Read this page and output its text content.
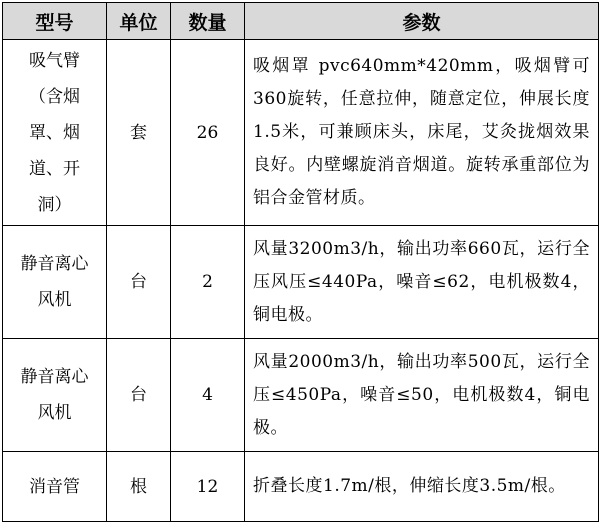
型号	单位	数量	参数
吸气臂（含烟罩、烟道、开洞）	套	26	吸烟罩 pvc640mm*420mm，吸烟臂可360旋转，任意拉伸，随意定位，伸展长度1.5米，可兼顾床头，床尾，艾灸拢烟效果良好。内壁螺旋消音烟道。旋转承重部位为铝合金管材质。

静音离心风机	台	2	风量3200m3/h，输出功率660瓦，运行全压风压≤440Pa，噪音≤62，电机极数4，铜电极。

静音离心风机	台	4	风量2000m3/h，输出功率500瓦，运行全压≤450Pa，噪音≤50，电机极数4，铜电极。

消音管	根	12	折叠长度1.7m/根，伸缩长度3.5m/根。
